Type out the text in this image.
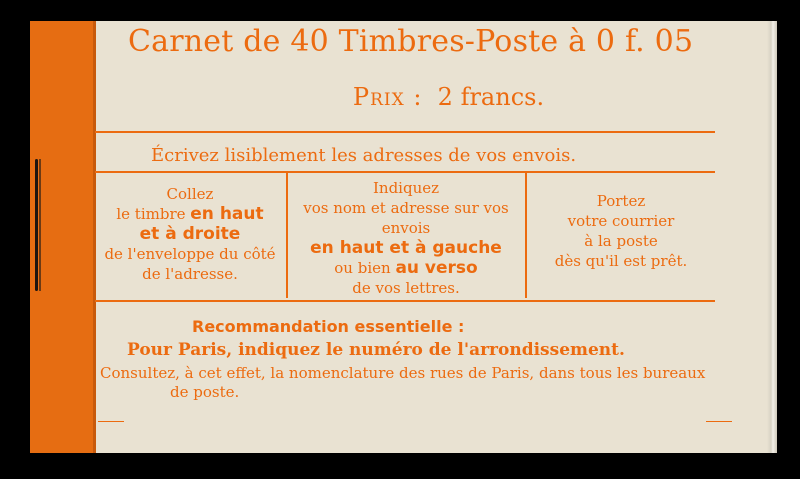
Carnet de 40 Timbres-Poste à 0 f. 05
Prix : 2 francs.
Écrivez lisiblement les adresses de vos envois.
Collez
le timbre en haut
et à droite
de l'enveloppe du côté
de l'adresse.
Indiquez
vos nom et adresse sur vos
envois
en haut et à gauche
ou bien au verso
de vos lettres.
Portez
votre courrier
à la poste
dès qu'il est prêt.
Recommandation essentielle :
Pour Paris, indiquez le numéro de l'arrondissement.
Consultez, à cet effet, la nomenclature des rues de Paris, dans tous les bureaux
de poste.
